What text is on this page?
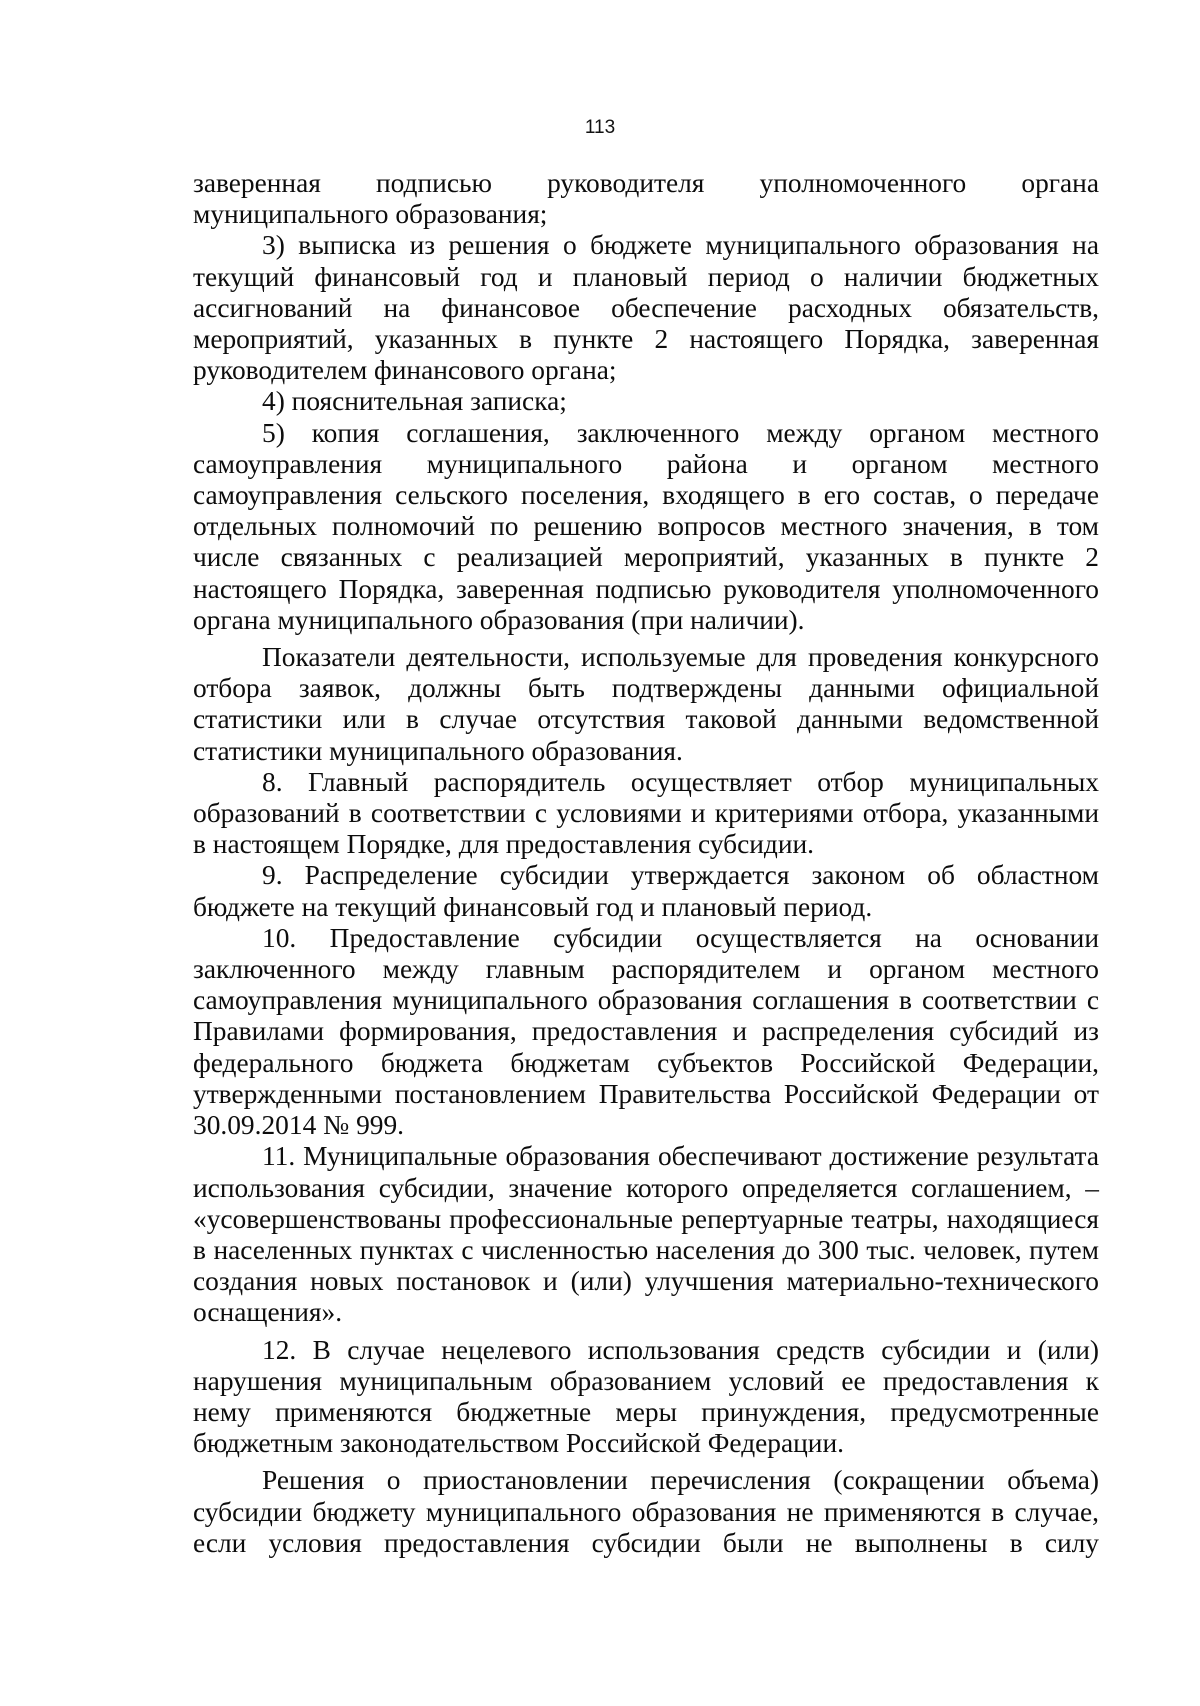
113

заверенная подписью руководителя уполномоченного органа муниципального образования;

3) выписка из решения о бюджете муниципального образования на текущий финансовый год и плановый период о наличии бюджетных ассигнований на финансовое обеспечение расходных обязательств, мероприятий, указанных в пункте 2 настоящего Порядка, заверенная руководителем финансового органа;

4) пояснительная записка;

5) копия соглашения, заключенного между органом местного самоуправления муниципального района и органом местного самоуправления сельского поселения, входящего в его состав, о передаче отдельных полномочий по решению вопросов местного значения, в том числе связанных с реализацией мероприятий, указанных в пункте 2 настоящего Порядка, заверенная подписью руководителя уполномоченного органа муниципального образования (при наличии).

Показатели деятельности, используемые для проведения конкурсного отбора заявок, должны быть подтверждены данными официальной статистики или в случае отсутствия таковой данными ведомственной статистики муниципального образования.

8. Главный распорядитель осуществляет отбор муниципальных образований в соответствии с условиями и критериями отбора, указанными в настоящем Порядке, для предоставления субсидии.

9. Распределение субсидии утверждается законом об областном бюджете на текущий финансовый год и плановый период.

10. Предоставление субсидии осуществляется на основании заключенного между главным распорядителем и органом местного самоуправления муниципального образования соглашения в соответствии с Правилами формирования, предоставления и распределения субсидий из федерального бюджета бюджетам субъектов Российской Федерации, утвержденными постановлением Правительства Российской Федерации от 30.09.2014 № 999.

11. Муниципальные образования обеспечивают достижение результата использования субсидии, значение которого определяется соглашением, – «усовершенствованы профессиональные репертуарные театры, находящиеся в населенных пунктах с численностью населения до 300 тыс. человек, путем создания новых постановок и (или) улучшения материально-технического оснащения».

12. В случае нецелевого использования средств субсидии и (или) нарушения муниципальным образованием условий ее предоставления к нему применяются бюджетные меры принуждения, предусмотренные бюджетным законодательством Российской Федерации.

Решения о приостановлении перечисления (сокращении объема) субсидии бюджету муниципального образования не применяются в случае, если условия предоставления субсидии были не выполнены в силу
